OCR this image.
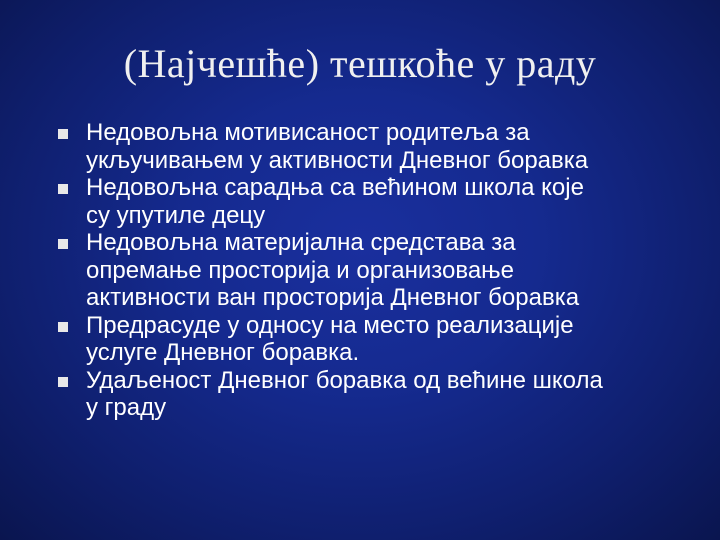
(Најчешће) тешкоће у раду
Недовољна мотивисаност родитеља за
укључивањем у активности Дневног боравка
Недовољна сарадња са већином школа које
су упутиле децу
Недовољна материјална средстава за
опремање просторија и организовање
активности ван просторија Дневног боравка
Предрасуде у односу на место реализације
услуге Дневног боравка.
Удаљеност Дневног боравка од већине школа
у граду
